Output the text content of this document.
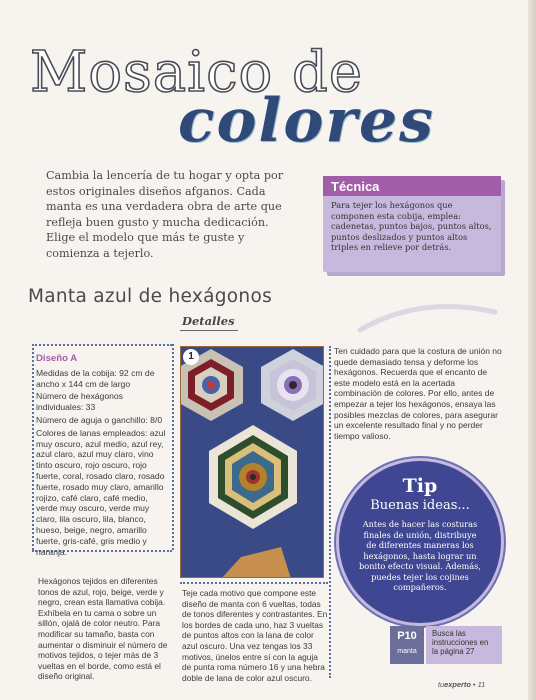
Mosaico de
colores
Cambia la lencería de tu hogar y opta por estos originales diseños afganos. Cada manta es una verdadera obra de arte que refleja buen gusto y mucha dedicación. Elige el modelo que más te guste y comienza a tejerlo.
Técnica
Para tejer los hexágonos que componen esta cobija, emplea: cadenetas, puntos bajos, puntos altos, puntos deslizados y puntos altos triples en relieve por detrás.
Manta azul de hexágonos
Detalles
Diseño A

Medidas de la cobija: 92 cm de ancho x 144 cm de largo

Número de hexágonos individuales: 33

Número de aguja o ganchillo: 8/0

Colores de lanas empleados: azul muy oscuro, azul medio, azul rey, azul claro, azul muy claro, vino tinto oscuro, rojo oscuro, rojo fuerte, coral, rosado claro, rosado fuerte, rosado muy claro, amarillo rojizo, café claro, café medio, verde muy oscuro, verde muy claro, lila oscuro, lila, blanco, hueso, beige, negro, amarillo fuerte, gris-café, gris medio y naranja.

1	Ten cuidado para que la costura de unión no quede demasiado tensa y deforme los hexágonos. Recuerda que el encanto de este modelo está en la acertada combinación de colores. Por ello, antes de empezar a tejer los hexágonos, ensaya las posibles mezclas de colores, para asegurar un excelente resultado final y no perder tiempo valioso.
Tip
Buenas ideas...
Antes de hacer las costuras finales de unión, distribuye de diferentes maneras los hexágonos, hasta lograr un bonito efecto visual. Además, puedes tejer los cojines compañeros.
Hexágonos tejidos en diferentes tonos de azul, rojo, beige, verde y negro, crean esta llamativa cobija. Exhíbela en tu cama o sobre un sillón, ojalá de color neutro. Para modificar su tamaño, basta con aumentar o disminuir el número de motivos tejidos, o tejer más de 3 vueltas en el borde, como está el diseño original.
Teje cada motivo que compone este diseño de manta con 6 vueltas, todas de tonos diferentes y contrastantes. En los bordes de cada uno, haz 3 vueltas de puntos altos con la lana de color azul oscuro. Una vez tengas los 33 motivos, únelos entre sí con la aguja de punta roma número 16 y una hebra doble de lana de color azul oscuro.
P10
manta
Busca las instrucciones en la página 27
tuexperto • 11
